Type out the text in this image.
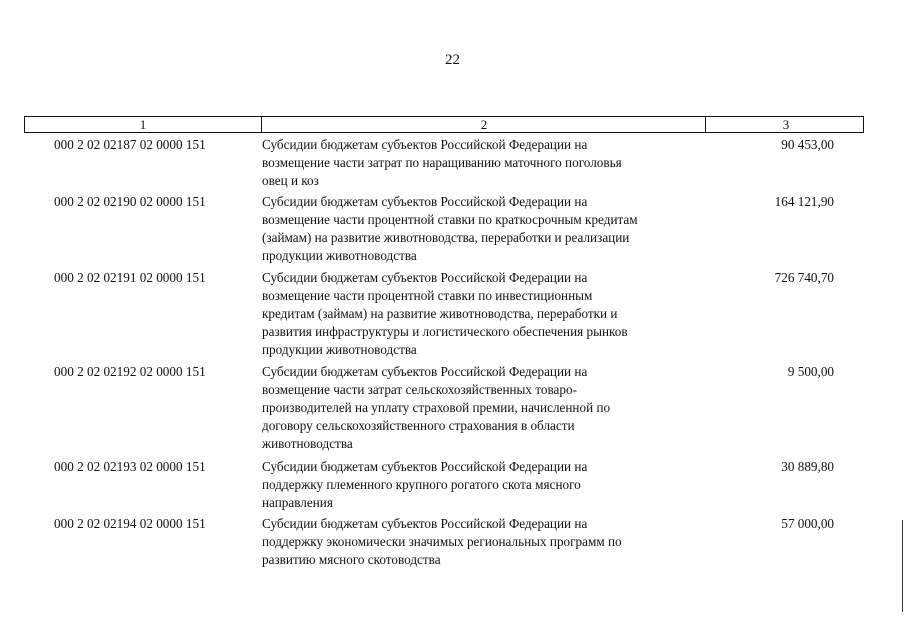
22
1	2	3
000 2 02 02187 02 0000 151	Субсидии бюджетам субъектов Российской Федерации на
возмещение части затрат по наращиванию маточного поголовья
овец и коз
90 453,00
000 2 02 02190 02 0000 151	Субсидии бюджетам субъектов Российской Федерации на
возмещение части процентной ставки по краткосрочным кредитам
(займам) на развитие животноводства, переработки и реализации
продукции животноводства
164 121,90
000 2 02 02191 02 0000 151	Субсидии бюджетам субъектов Российской Федерации на
возмещение части процентной ставки по инвестиционным
кредитам (займам) на развитие животноводства, переработки и
развития инфраструктуры и логистического обеспечения рынков
продукции животноводства
726 740,70
000 2 02 02192 02 0000 151	Субсидии бюджетам субъектов Российской Федерации на
возмещение части затрат сельскохозяйственных товаро-
производителей на уплату страховой премии, начисленной по
договору сельскохозяйственного страхования в области
животноводства
9 500,00
000 2 02 02193 02 0000 151	Субсидии бюджетам субъектов Российской Федерации на
поддержку племенного крупного рогатого скота мясного
направления
30 889,80
000 2 02 02194 02 0000 151	Субсидии бюджетам субъектов Российской Федерации на
поддержку экономически значимых региональных программ по
развитию мясного скотоводства
57 000,00
